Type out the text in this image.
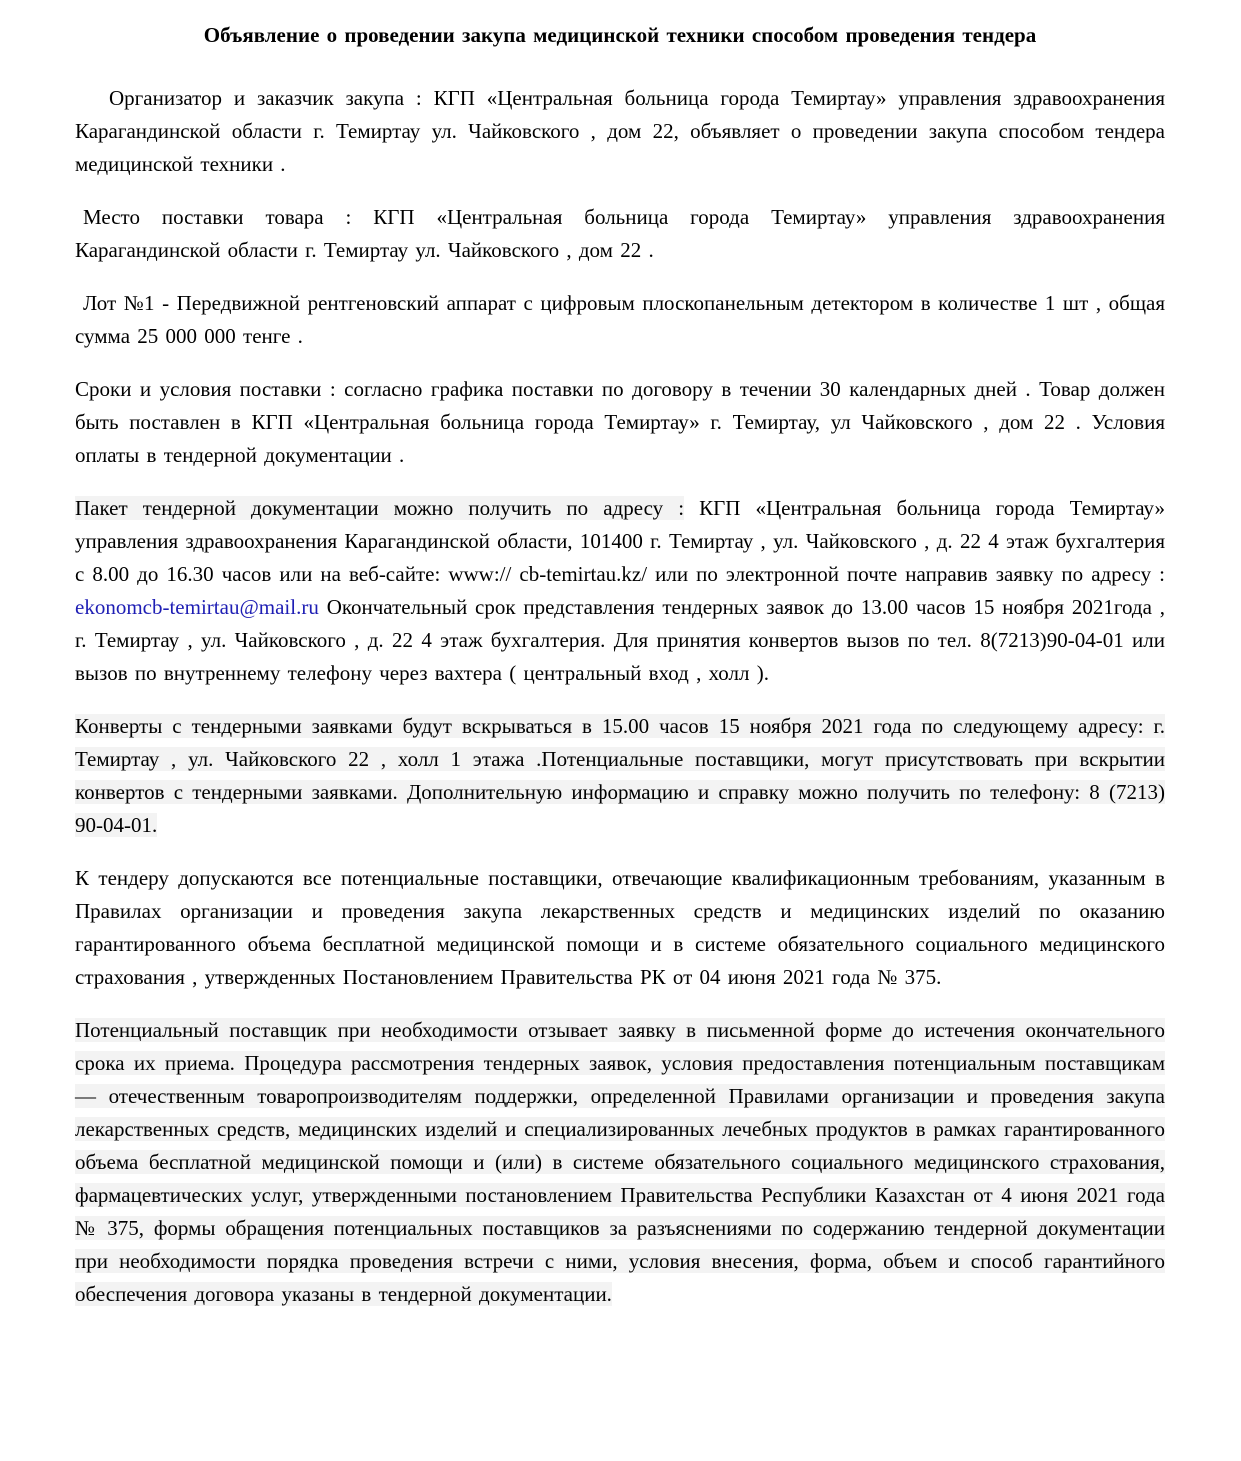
Объявление о проведении закупа медицинской техники способом проведения тендера

Организатор и заказчик закупа : КГП «Центральная больница города Темиртау» управления здравоохранения Карагандинской области г. Темиртау ул. Чайковского , дом 22, объявляет о проведении закупа способом тендера медицинской техники .

Место поставки товара : КГП «Центральная больница города Темиртау» управления здравоохранения Карагандинской области г. Темиртау ул. Чайковского , дом 22 .

Лот №1 - Передвижной рентгеновский аппарат с цифровым плоскопанельным детектором в количестве 1 шт , общая сумма 25 000 000 тенге .

Сроки и условия поставки : согласно графика поставки по договору в течении 30 календарных дней . Товар должен быть поставлен в КГП «Центральная больница города Темиртау» г. Темиртау, ул Чайковского , дом 22 . Условия оплаты в тендерной документации .

Пакет тендерной документации можно получить по адресу : КГП «Центральная больница города Темиртау» управления здравоохранения Карагандинской области, 101400 г. Темиртау , ул. Чайковского , д. 22 4 этаж бухгалтерия с 8.00 до 16.30 часов или на веб-сайте: www:// cb-temirtau.kz/ или по электронной почте направив заявку по адресу : ekonomcb-temirtau@mail.ru Окончательный срок представления тендерных заявок до 13.00 часов 15 ноября 2021года , г. Темиртау , ул. Чайковского , д. 22 4 этаж бухгалтерия. Для принятия конвертов вызов по тел. 8(7213)90-04-01 или вызов по внутреннему телефону через вахтера ( центральный вход , холл ).

Конверты с тендерными заявками будут вскрываться в 15.00 часов 15 ноября 2021 года по следующему адресу: г. Темиртау , ул. Чайковского 22 , холл 1 этажа .Потенциальные поставщики, могут присутствовать при вскрытии конвертов с тендерными заявками. Дополнительную информацию и справку можно получить по телефону: 8 (7213) 90-04-01.

К тендеру допускаются все потенциальные поставщики, отвечающие квалификационным требованиям, указанным в Правилах организации и проведения закупа лекарственных средств и медицинских изделий по оказанию гарантированного объема бесплатной медицинской помощи и в системе обязательного социального медицинского страхования , утвержденных Постановлением Правительства РК от 04 июня 2021 года № 375.

Потенциальный поставщик при необходимости отзывает заявку в письменной форме до истечения окончательного срока их приема. Процедура рассмотрения тендерных заявок, условия предоставления потенциальным поставщикам — отечественным товаропроизводителям поддержки, определенной Правилами организации и проведения закупа лекарственных средств, медицинских изделий и специализированных лечебных продуктов в рамках гарантированного объема бесплатной медицинской помощи и (или) в системе обязательного социального медицинского страхования, фармацевтических услуг, утвержденными постановлением Правительства Республики Казахстан от 4 июня 2021 года № 375, формы обращения потенциальных поставщиков за разъяснениями по содержанию тендерной документации при необходимости порядка проведения встречи с ними, условия внесения, форма, объем и способ гарантийного обеспечения договора указаны в тендерной документации.
